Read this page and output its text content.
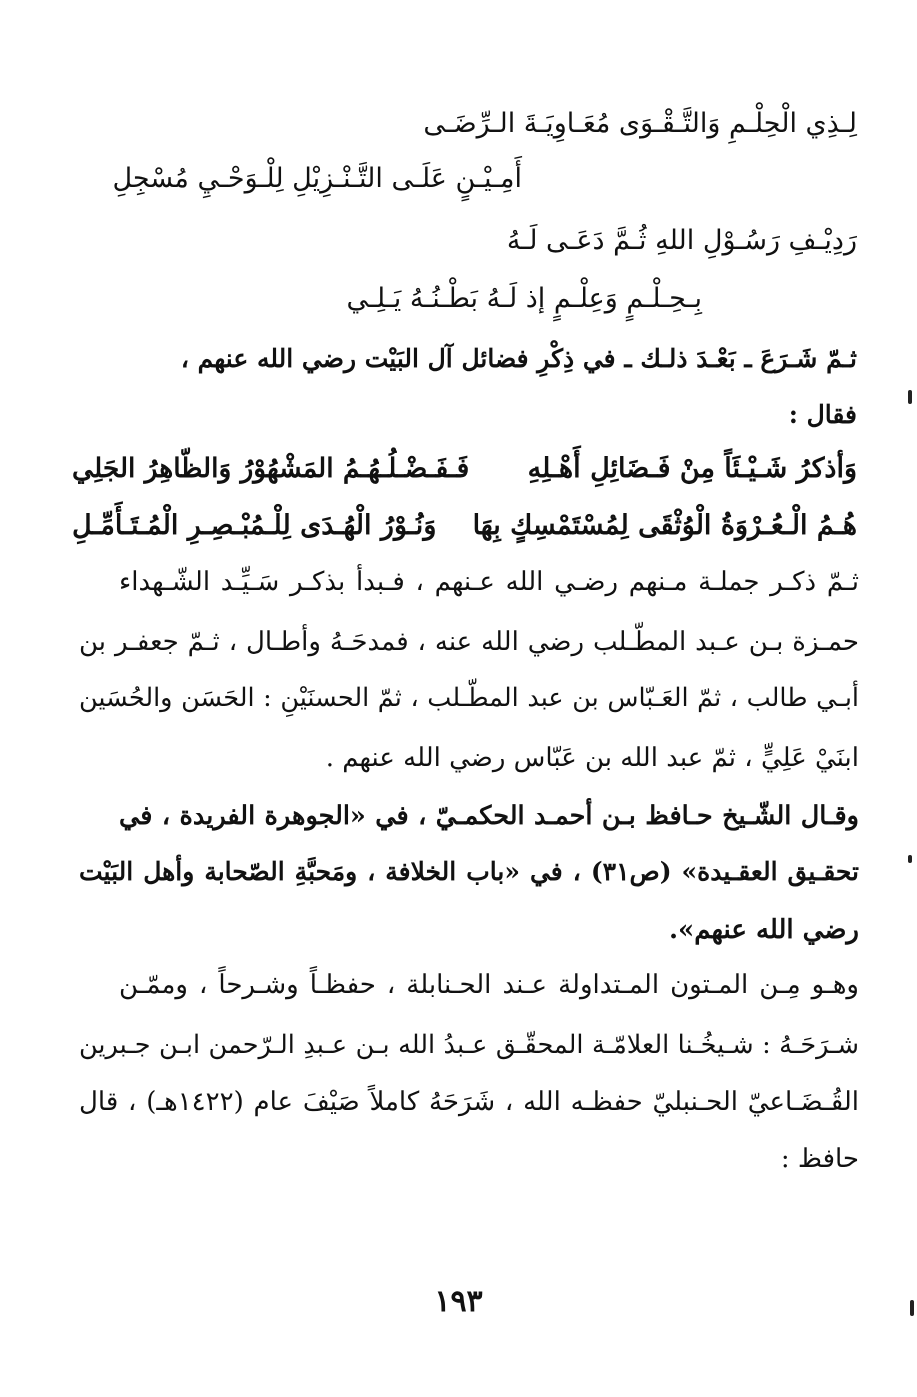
لِـذِي الْحِلْـمِ وَالتَّـقْـوَى مُعَـاوِيَـةَ الـرِّضَـى
أَمِـيْـنٍ عَلَـى التَّـنْـزِيْلِ لِلْـوَحْـيِ مُسْجِلِ
رَدِيْـفِ رَسُـوْلِ اللهِ ثُـمَّ دَعَـى لَـهُ
بِـحِـلْـمٍ وَعِلْـمٍ إذ لَـهُ بَطْـنُـهُ يَـلِـي
ثـمّ شَـرَعَ ـ بَعْـدَ ذلـك ـ في ذِكْرِ فضائل آل البَيْت رضي الله عنهم ،
فقال :
وَأذكرُ شَـيْـئَاً مِنْ فَـضَائِلِ أَهْـلِهِ
فَـفَـضْـلُـهُـمُ المَشْهُوْرُ وَالظّاهِرُ الجَلِي
هُـمُ الْـعُـرْوَةُ الْوُثْقَى لِمُسْتَمْسِكٍ بِهَا
وَنُـوْرُ الْهُـدَى لِلْـمُبْـصِـرِ الْمُـتَـأَمِّـلِ
ثـمّ ذكـر جملـة مـنهم رضـي الله عـنهم ، فـبدأ بذكـر سَـيِّـد الشّـهداء
حمـزة بـن عـبد المطّـلب رضي الله عنه ، فمدحَـهُ وأطـال ، ثـمّ جعفـر بن
أبـي طالب ، ثمّ العَـبّاس بن عبد المطّـلب ، ثمّ الحسنَيْنِ : الحَسَن والحُسَين
ابنَيْ عَلِيٍّ ، ثمّ عبد الله بن عَبّاس رضي الله عنهم .
وقـال الشّـيخ حـافظ بـن أحمـد الحكمـيّ ، في «الجوهرة الفريدة ، في
تحقـيق العقـيدة» (ص٣١) ، في «باب الخلافة ، ومَحبَّةِ الصّحابة وأهل البَيْت
رضي الله عنهم».
وهـو مِـن المـتون المـتداولة عـند الحـنابلة ، حفظـاً وشـرحاً ، وممّـن
شـرَحَـهُ : شـيخُـنا العلامّـة المحقّـق عـبدُ الله بـن عـبدِ الـرّحمن ابـن جـبرين
القُـضَـاعيّ الحـنبليّ حفظـه الله ، شَرَحَهُ كاملاً صَيْفَ عام (١٤٢٢هـ) ، قال
حافظ :
١٩٣
